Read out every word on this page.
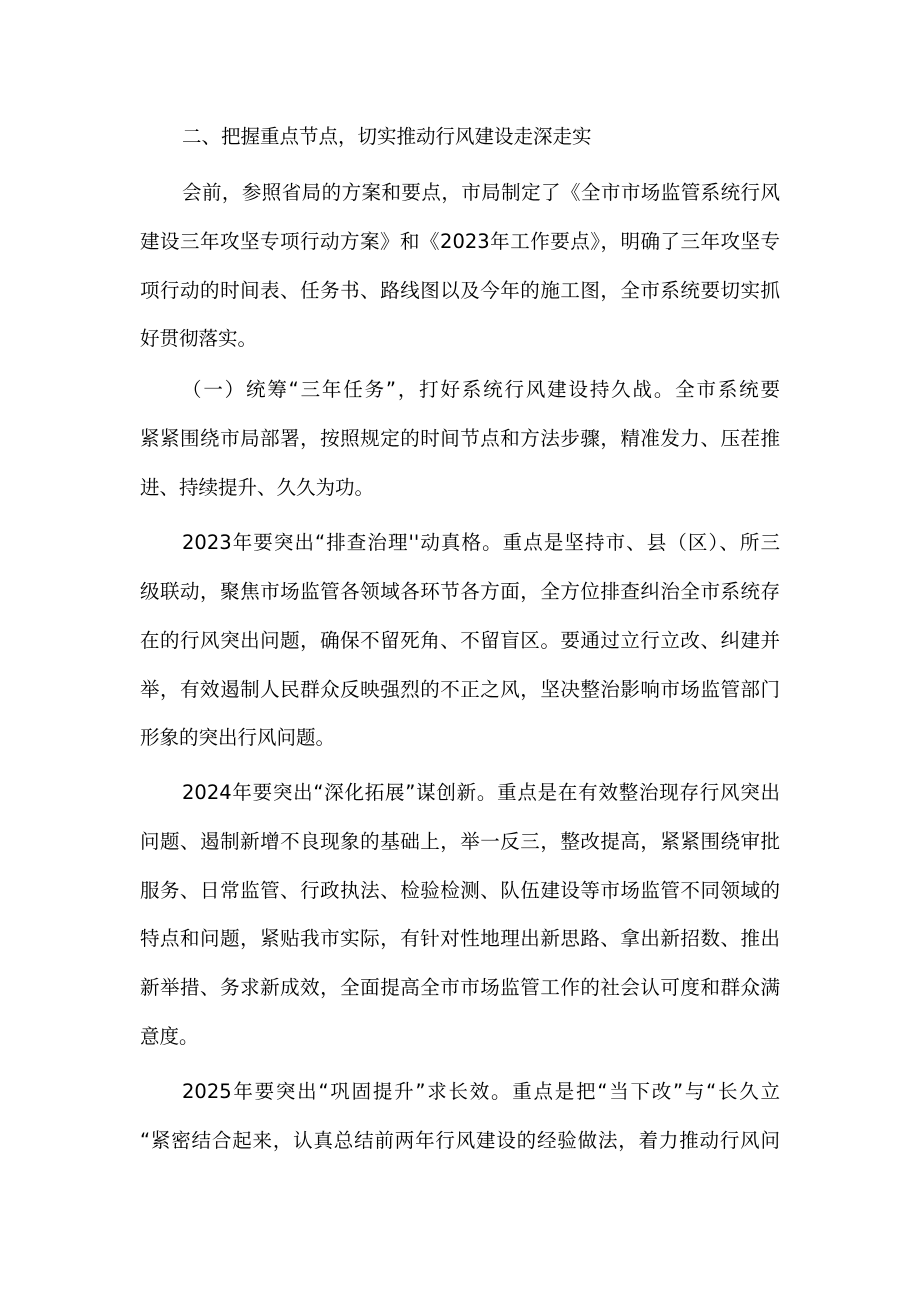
二、把握重点节点，切实推动行风建设走深走实

会前，参照省局的方案和要点，市局制定了《全市市场监管系统行风

建设三年攻坚专项行动方案》和《2023年工作要点》，明确了三年攻坚专

项行动的时间表、任务书、路线图以及今年的施工图，全市系统要切实抓

好贯彻落实。

（一）统筹“三年任务”，打好系统行风建设持久战。全市系统要

紧紧围绕市局部署，按照规定的时间节点和方法步骤，精准发力、压茬推

进、持续提升、久久为功。

2023年要突出“排查治理''动真格。重点是坚持市、县（区）、所三

级联动，聚焦市场监管各领域各环节各方面，全方位排查纠治全市系统存

在的行风突出问题，确保不留死角、不留盲区。要通过立行立改、纠建并

举，有效遏制人民群众反映强烈的不正之风，坚决整治影响市场监管部门

形象的突出行风问题。

2024年要突出“深化拓展”谋创新。重点是在有效整治现存行风突出

问题、遏制新增不良现象的基础上，举一反三，整改提高，紧紧围绕审批

服务、日常监管、行政执法、检验检测、队伍建设等市场监管不同领域的

特点和问题，紧贴我市实际，有针对性地理出新思路、拿出新招数、推出

新举措、务求新成效，全面提高全市市场监管工作的社会认可度和群众满

意度。

2025年要突出“巩固提升”求长效。重点是把“当下改”与“长久立

“紧密结合起来，认真总结前两年行风建设的经验做法，着力推动行风问
